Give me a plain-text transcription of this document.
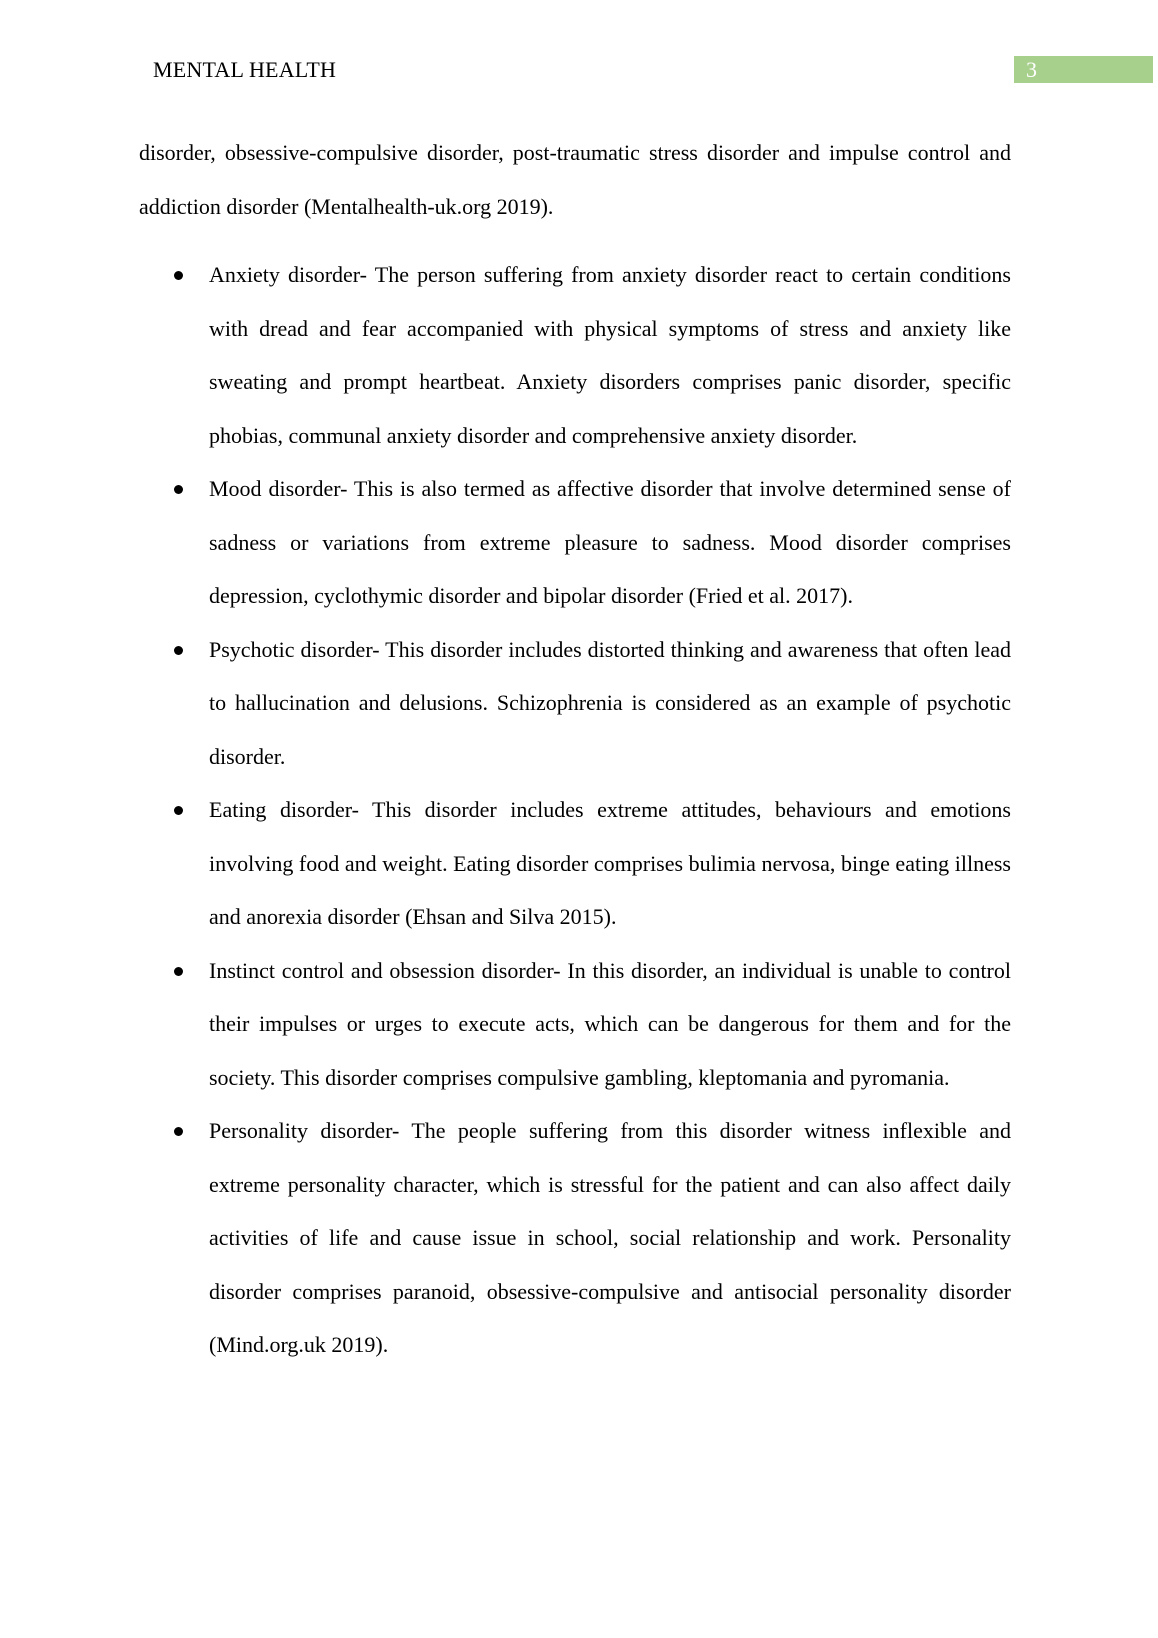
MENTAL HEALTH	3

disorder, obsessive-compulsive disorder, post-traumatic stress disorder and impulse control and addiction disorder (Mentalhealth-uk.org 2019).

Anxiety disorder- The person suffering from anxiety disorder react to certain conditions with dread and fear accompanied with physical symptoms of stress and anxiety like sweating and prompt heartbeat. Anxiety disorders comprises panic disorder, specific phobias, communal anxiety disorder and comprehensive anxiety disorder.
Mood disorder- This is also termed as affective disorder that involve determined sense of sadness or variations from extreme pleasure to sadness. Mood disorder comprises depression, cyclothymic disorder and bipolar disorder (Fried et al. 2017).
Psychotic disorder- This disorder includes distorted thinking and awareness that often lead to hallucination and delusions. Schizophrenia is considered as an example of psychotic disorder.
Eating disorder- This disorder includes extreme attitudes, behaviours and emotions involving food and weight. Eating disorder comprises bulimia nervosa, binge eating illness and anorexia disorder (Ehsan and Silva 2015).
Instinct control and obsession disorder- In this disorder, an individual is unable to control their impulses or urges to execute acts, which can be dangerous for them and for the society. This disorder comprises compulsive gambling, kleptomania and pyromania.
Personality disorder- The people suffering from this disorder witness inflexible and extreme personality character, which is stressful for the patient and can also affect daily activities of life and cause issue in school, social relationship and work. Personality disorder comprises paranoid, obsessive-compulsive and antisocial personality disorder (Mind.org.uk 2019).
